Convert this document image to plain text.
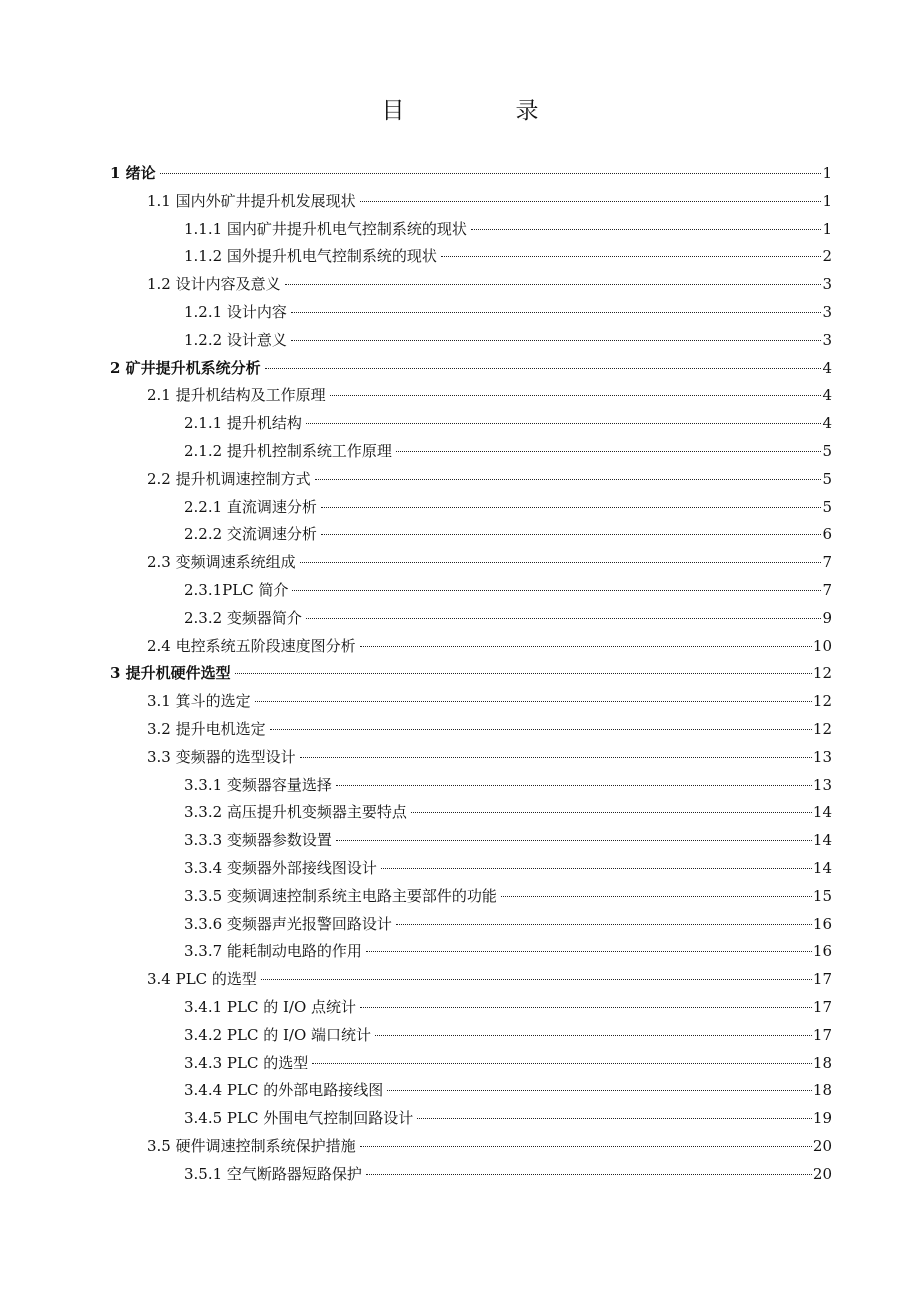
目　录
1 绪论	1
1.1 国内外矿井提升机发展现状	1
1.1.1 国内矿井提升机电气控制系统的现状	1
1.1.2 国外提升机电气控制系统的现状	2
1.2 设计内容及意义	3
1.2.1 设计内容	3
1.2.2 设计意义	3
2 矿井提升机系统分析	4
2.1 提升机结构及工作原理	4
2.1.1 提升机结构	4
2.1.2 提升机控制系统工作原理	5
2.2 提升机调速控制方式	5
2.2.1 直流调速分析	5
2.2.2 交流调速分析	6
2.3 变频调速系统组成	7
2.3.1PLC 简介	7
2.3.2 变频器简介	9
2.4 电控系统五阶段速度图分析	10
3 提升机硬件选型	12
3.1 箕斗的选定	12
3.2 提升电机选定	12
3.3 变频器的选型设计	13
3.3.1 变频器容量选择	13
3.3.2 高压提升机变频器主要特点	14
3.3.3 变频器参数设置	14
3.3.4 变频器外部接线图设计	14
3.3.5 变频调速控制系统主电路主要部件的功能	15
3.3.6 变频器声光报警回路设计	16
3.3.7 能耗制动电路的作用	16
3.4 PLC 的选型	17
3.4.1 PLC 的 I/O 点统计	17
3.4.2 PLC 的 I/O 端口统计	17
3.4.3 PLC 的选型	18
3.4.4 PLC 的外部电路接线图	18
3.4.5 PLC 外围电气控制回路设计	19
3.5 硬件调速控制系统保护措施	20
3.5.1 空气断路器短路保护	20
